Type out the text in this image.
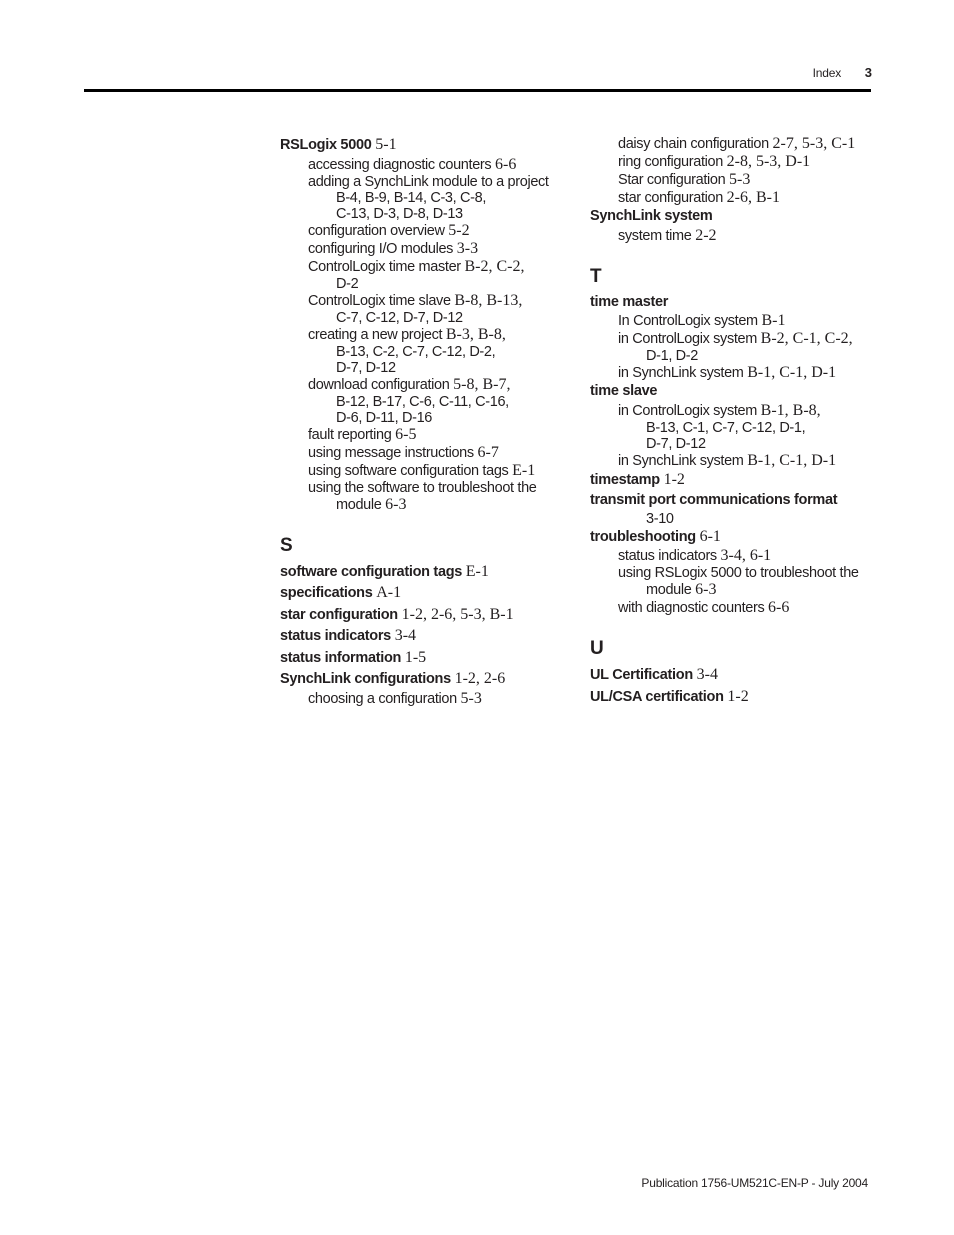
Index 3
RSLogix 5000 5-1
accessing diagnostic counters 6-6
adding a SynchLink module to a project
B-4, B-9, B-14, C-3, C-8,
C-13, D-3, D-8, D-13
configuration overview 5-2
configuring I/O modules 3-3
ControlLogix time master B-2, C-2,
D-2
ControlLogix time slave B-8, B-13,
C-7, C-12, D-7, D-12
creating a new project B-3, B-8,
B-13, C-2, C-7, C-12, D-2,
D-7, D-12
download configuration 5-8, B-7,
B-12, B-17, C-6, C-11, C-16,
D-6, D-11, D-16
fault reporting 6-5
using message instructions 6-7
using software configuration tags E-1
using the software to troubleshoot the
module 6-3
S
software configuration tags E-1
specifications A-1
star configuration 1-2, 2-6, 5-3, B-1
status indicators 3-4
status information 1-5
SynchLink configurations 1-2, 2-6
choosing a configuration 5-3
daisy chain configuration 2-7, 5-3, C-1
ring configuration 2-8, 5-3, D-1
Star configuration 5-3
star configuration 2-6, B-1
SynchLink system
system time 2-2
T
time master
In ControlLogix system B-1
in ControlLogix system B-2, C-1, C-2,
D-1, D-2
in SynchLink system B-1, C-1, D-1
time slave
in ControlLogix system B-1, B-8,
B-13, C-1, C-7, C-12, D-1,
D-7, D-12
in SynchLink system B-1, C-1, D-1
timestamp 1-2
transmit port communications format
3-10
troubleshooting 6-1
status indicators 3-4, 6-1
using RSLogix 5000 to troubleshoot the
module 6-3
with diagnostic counters 6-6
U
UL Certification 3-4
UL/CSA certification 1-2
Publication 1756-UM521C-EN-P - July 2004
